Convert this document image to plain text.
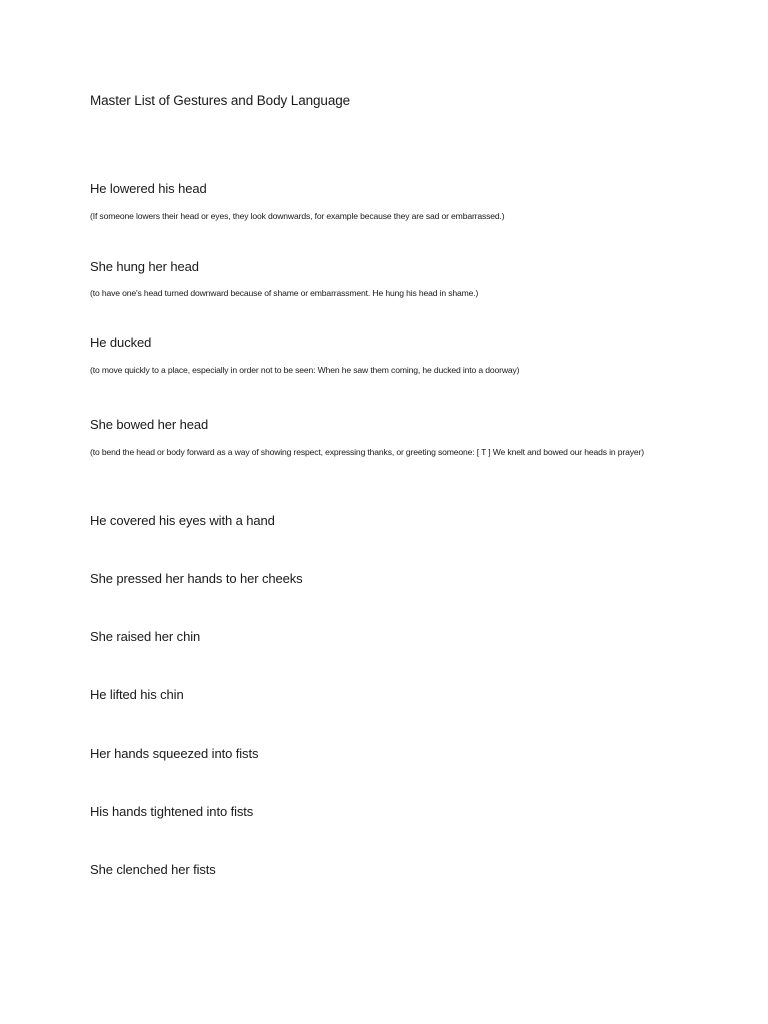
Master List of Gestures and Body Language
He lowered his head
(If someone lowers their head or eyes, they look downwards, for example because they are sad or embarrassed.)
She hung her head
(to have one's head turned downward because of shame or embarrassment. He hung his head in shame.)
He ducked
(to move quickly to a place, especially in order not to be seen: When he saw them coming, he ducked into a doorway)
She bowed her head
(to bend the head or body forward as a way of showing respect, expressing thanks, or greeting someone: [ T ] We knelt and bowed our heads in prayer)
He covered his eyes with a hand
She pressed her hands to her cheeks
She raised her chin
He lifted his chin
Her hands squeezed into fists
His hands tightened into fists
She clenched her fists
